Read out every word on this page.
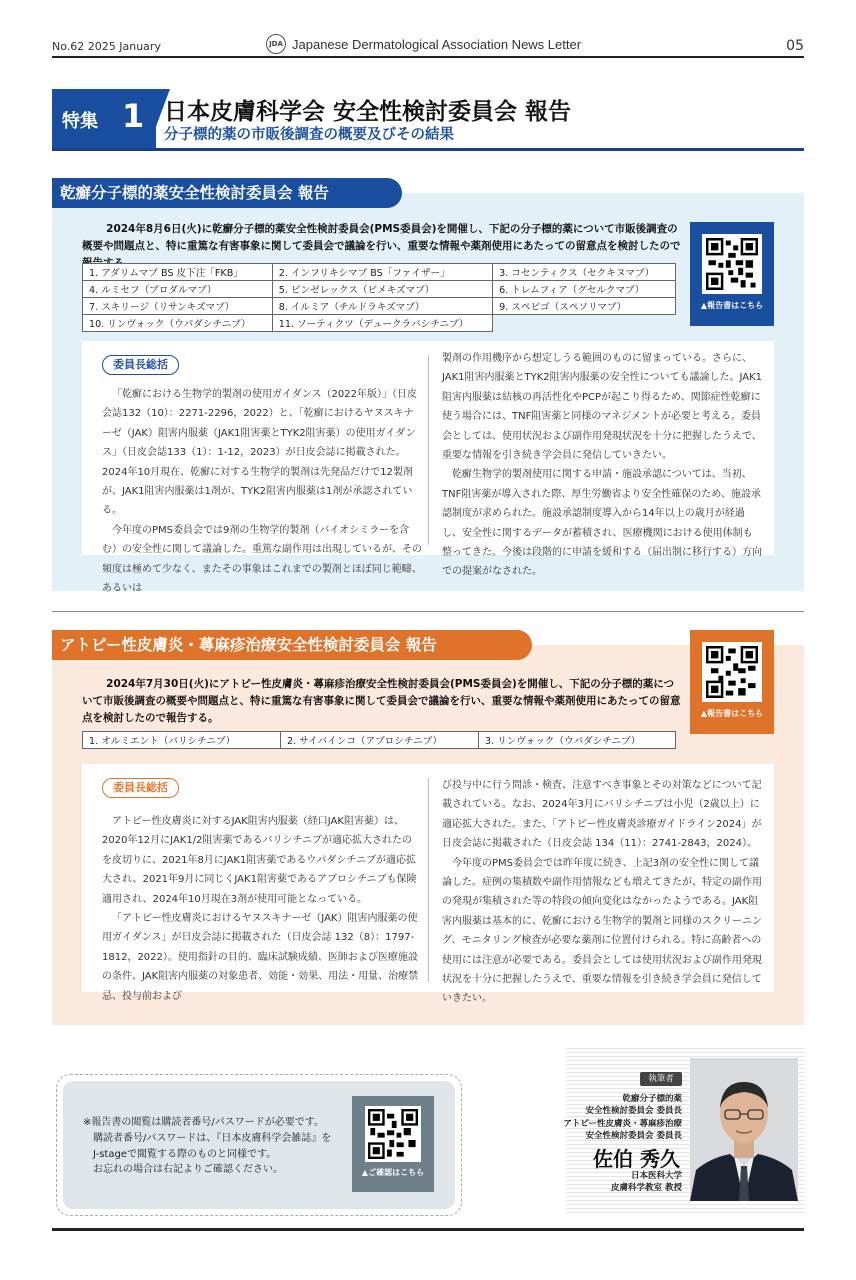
No.62 2025 January	JDA Japanese Dermatological Association News Letter	05
特集 1 日本皮膚科学会 安全性検討委員会 報告
分子標的薬の市販後調査の概要及びその結果
乾癬分子標的薬安全性検討委員会 報告
2024年8月6日(火)に乾癬分子標的薬安全性検討委員会(PMS委員会)を開催し、下記の分子標的薬について市販後調査の概要や問題点と、特に重篤な有害事象に関して委員会で議論を行い、重要な情報や薬剤使用にあたっての留意点を検討したので
1. アダリムマブ BS 皮下注「FKB」	2. インフリキシマブ BS「ファイザー」	3. コセンティクス（セクキヌマブ）
4. ルミセフ（ブロダルマブ）	5. ビンゼレックス（ビメキズマブ）	6. トレムフィア（グセルクマブ）
7. スキリージ（リサンキズマブ）	8. イルミア（チルドラキズマブ）	9. スペビゴ（スペソリマブ）
10. リンヴォック（ウパダシチニブ）	11. ソーティクツ（デュークラバシチニブ）	
▲報告書はこちら
委員長総括

「乾癬における生物学的製剤の使用ガイダンス（2022年版）」（日皮会誌132（10）：2271-2296，2022）と、「乾癬におけるヤヌスキナーゼ（JAK）阻害内服薬（JAK1阻害薬とTYK2阻害薬）の使用ガイダンス」（日皮会誌133（1）：1-12，2023）が日皮会誌に掲載された。2024年10月現在、乾癬に対する生物学的製剤は先発品だけで12製剤が、JAK1阻害内服薬は1剤が、TYK2阻害内服薬は1剤が承認されている。

今年度のPMS委員会では9剤の生物学的製剤（バイオシミラーを含む）の安全性に関して議論した。重篤な副作用は出現しているが、その頻度は極めて少なく、またその事象はこれまでの製剤とほぼ同じ範疇、あるいは

製剤の作用機序から想定しうる範囲のものに留まっている。さらに、JAK1阻害内服薬とTYK2阻害内服薬の安全性についても議論した。JAK1阻害内服薬は結核の再活性化やPCPが起こり得るため、関節症性乾癬に使う場合には、TNF阻害薬と同様のマネジメントが必要と考える。委員会としては、使用状況および副作用発現状況を十分に把握したうえで、重要な情報を引き続き学会員に発信していきたい。

乾癬生物学的製剤使用に関する申請・施設承認については、当初、TNF阻害薬が導入された際、厚生労働省より安全性確保のため、施設承認制度が求められた。施設承認制度導入から14年以上の歳月が経過し、安全性に関するデータが蓄積され、医療機関における使用体制も整ってきた。今後は段階的に申請を緩和する（届出制に移行する）方向での提案がなされた。

アトピー性皮膚炎・蕁麻疹治療安全性検討委員会 報告
2024年7月30日(火)にアトピー性皮膚炎・蕁麻疹治療安全性検討委員会(PMS委員会)を開催し、下記の分子標的薬について市販後調査の概要や問題点と、特に重篤な有害事象に関して委員会で議論を行い、重要な情報や薬剤使用にあたっての留意点を検討したので報告する。
1. オルミエント（バリシチニブ）	2. サイバインコ（アブロシチニブ）	3. リンヴォック（ウパダシチニブ）
▲報告書はこちら
委員長総括

アトピー性皮膚炎に対するJAK阻害内服薬（経口JAK阻害薬）は、2020年12月にJAK1/2阻害薬であるバリシチニブが適応拡大されたのを皮切りに、2021年8月にJAK1阻害薬であるウパダシチニブが適応拡大され、2021年9月に同じくJAK1阻害薬であるアブロシチニブも保険適用され、2024年10月現在3剤が使用可能となっている。

「アトピー性皮膚炎におけるヤヌスキナーゼ（JAK）阻害内服薬の使用ガイダンス」が日皮会誌に掲載された（日皮会誌 132（8）：1797-1812，2022）。使用指針の目的、臨床試験成績、医師および医療施設の条件、JAK阻害内服薬の対象患者、効能・効果、用法・用量、治療禁忌、投与前および

び投与中に行う問診・検査、注意すべき事象とその対策などについて記載されている。なお、2024年3月にバリシチニブは小児（2歳以上）に適応拡大された。また、「アトピー性皮膚炎診療ガイドライン2024」が日皮会誌に掲載された（日皮会誌 134（11）：2741-2843，2024）。

今年度のPMS委員会では昨年度に続き、上記3剤の安全性に関して議論した。症例の集積数や副作用情報なども増えてきたが、特定の副作用の発現が集積された等の特段の傾向変化はなかったようである。JAK阻害内服薬は基本的に、乾癬における生物学的製剤と同様のスクリーニング、モニタリング検査が必要な薬剤に位置付けられる。特に高齢者への使用には注意が必要である。委員会としては使用状況および副作用発現状況を十分に把握したうえで、重要な情報を引き続き学会員に発信していきたい。

※報告書の閲覧は購読者番号/パスワードが必要です。
購読者番号/パスワードは、『日本皮膚科学会雑誌』を
J-stageで閲覧する際のものと同様です。
お忘れの場合は右記よりご確認ください。	▲ご確認はこちら
執筆者
乾癬分子標的薬
安全性検討委員会 委員長
アトピー性皮膚炎・蕁麻疹治療
安全性検討委員会 委員長
佐伯 秀久
日本医科大学
皮膚科学教室 教授
